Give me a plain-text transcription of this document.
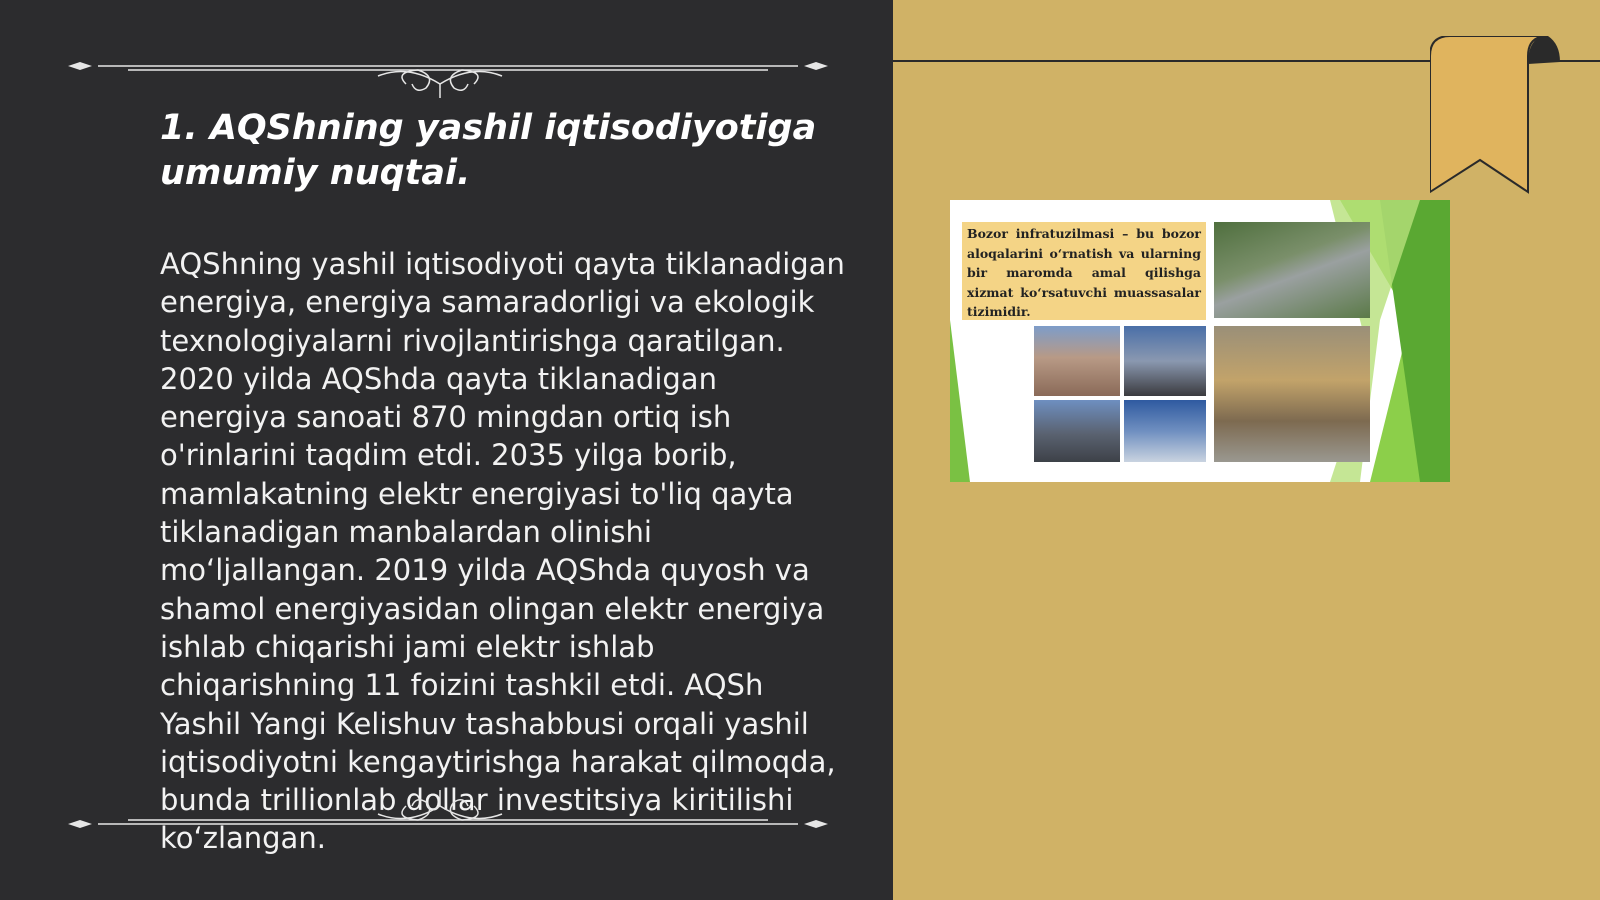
1. AQShning yashil iqtisodiyotiga umumiy nuqtai.

AQShning yashil iqtisodiyoti qayta tiklanadigan energiya, energiya samaradorligi va ekologik texnologiyalarni rivojlantirishga qaratilgan. 2020 yilda AQShda qayta tiklanadigan energiya sanoati 870 mingdan ortiq ish o'rinlarini taqdim etdi. 2035 yilga borib, mamlakatning elektr energiyasi to'liq qayta tiklanadigan manbalardan olinishi mo‘ljallangan. 2019 yilda AQShda quyosh va shamol energiyasidan olingan elektr energiya ishlab chiqarishi jami elektr ishlab chiqarishning 11 foizini tashkil etdi. AQSh Yashil Yangi Kelishuv tashabbusi orqali yashil iqtisodiyotni kengaytirishga harakat qilmoqda, bunda trillionlab dollar investitsiya kiritilishi ko‘zlangan.

Bozor infratuzilmasi – bu bozor aloqalarini o‘rnatish va ularning bir maromda amal qilishga xizmat ko‘rsatuvchi muassasalar tizimidir.
